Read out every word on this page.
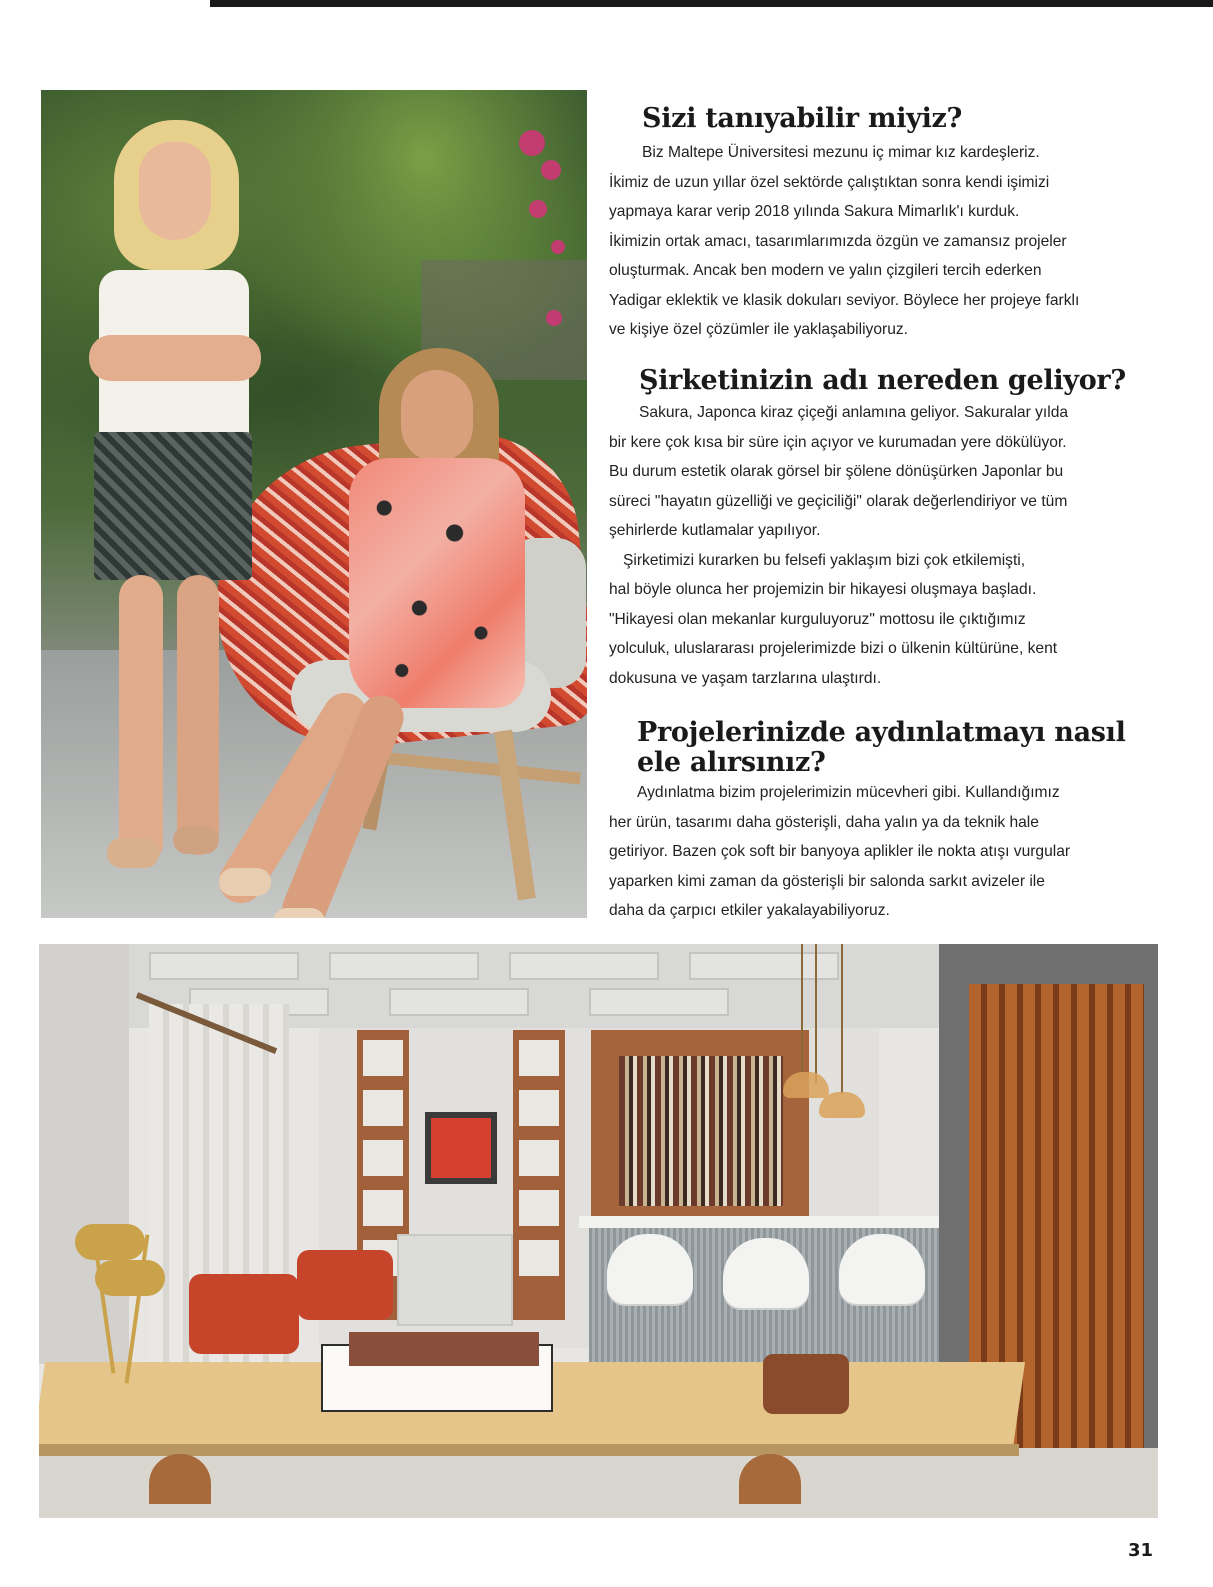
Sizi tanıyabilir miyiz?

Biz Maltepe Üniversitesi mezunu iç mimar kız kardeşleriz.

İkimiz de uzun yıllar özel sektörde çalıştıktan sonra kendi işimizi

yapmaya karar verip 2018 yılında Sakura Mimarlık'ı kurduk.

İkimizin ortak amacı, tasarımlarımızda özgün ve zamansız projeler

oluşturmak. Ancak ben modern ve yalın çizgileri tercih ederken

Yadigar eklektik ve klasik dokuları seviyor. Böylece her projeye farklı

ve kişiye özel çözümler ile yaklaşabiliyoruz.

Şirketinizin adı nereden geliyor?

Sakura, Japonca kiraz çiçeği anlamına geliyor. Sakuralar yılda

bir kere çok kısa bir süre için açıyor ve kurumadan yere dökülüyor.

Bu durum estetik olarak görsel bir şölene dönüşürken Japonlar bu

süreci "hayatın güzelliği ve geçiciliği" olarak değerlendiriyor ve tüm

şehirlerde kutlamalar yapılıyor.

Şirketimizi kurarken bu felsefi yaklaşım bizi çok etkilemişti,

hal böyle olunca her projemizin bir hikayesi oluşmaya başladı.

"Hikayesi olan mekanlar kurguluyoruz" mottosu ile çıktığımız

yolculuk, uluslararası projelerimizde bizi o ülkenin kültürüne, kent

dokusuna ve yaşam tarzlarına ulaştırdı.

Projelerinizde aydınlatmayı nasıl
ele alırsınız?

Aydınlatma bizim projelerimizin mücevheri gibi. Kullandığımız

her ürün, tasarımı daha gösterişli, daha yalın ya da teknik hale

getiriyor. Bazen çok soft bir banyoya aplikler ile nokta atışı vurgular

yaparken kimi zaman da gösterişli bir salonda sarkıt avizeler ile

daha da çarpıcı etkiler yakalayabiliyoruz.

31
